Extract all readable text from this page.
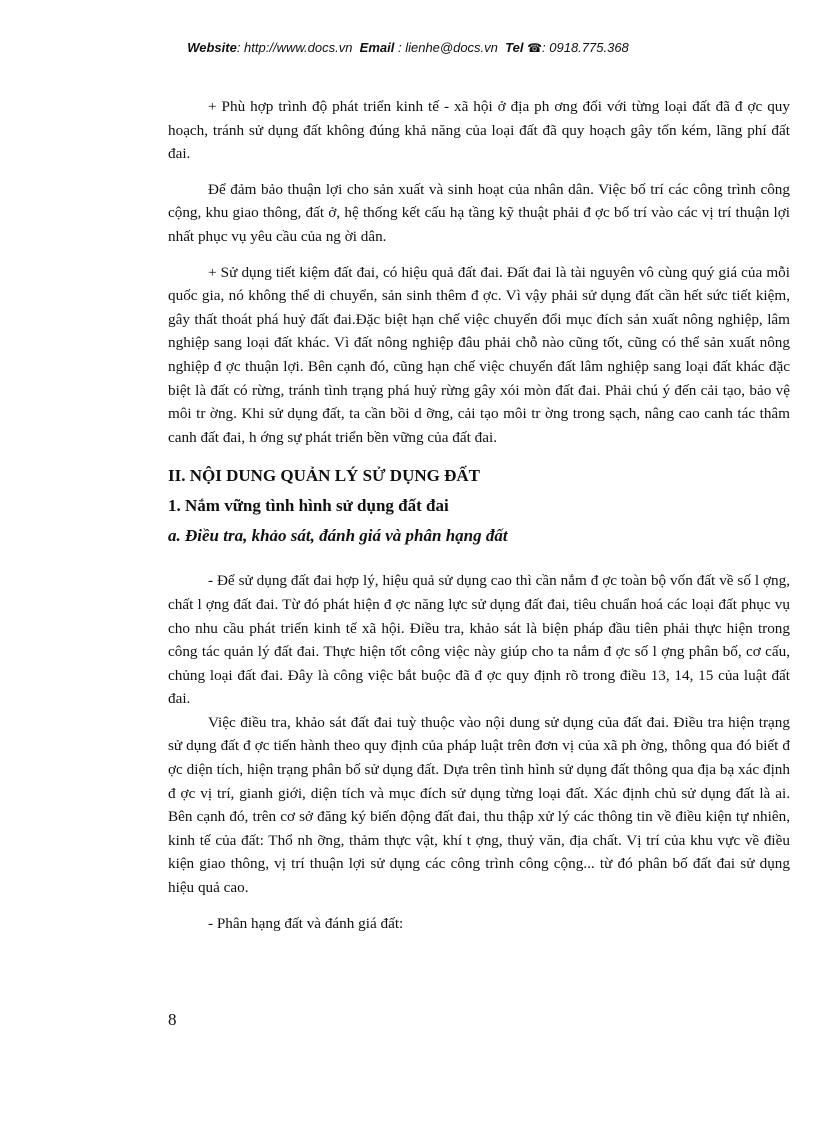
Website: http://www.docs.vn Email : lienhe@docs.vn Tel ☎: 0918.775.368

+ Phù hợp trình độ phát triển kinh tế - xã hội ở địa ph ơng đối với từng loại đất đã đ ợc quy hoạch, tránh sử dụng đất không đúng khả năng của loại đất đã quy hoạch gây tốn kém, lãng phí đất đai.

Để đảm bảo thuận lợi cho sản xuất và sinh hoạt của nhân dân. Việc bố trí các công trình công cộng, khu giao thông, đất ở, hệ thống kết cấu hạ tầng kỹ thuật phải đ ợc bố trí vào các vị trí thuận lợi nhất phục vụ yêu cầu của ng ời dân.

+ Sử dụng tiết kiệm đất đai, có hiệu quả đất đai. Đất đai là tài nguyên vô cùng quý giá của mỗi quốc gia, nó không thể di chuyển, sản sinh thêm đ ợc. Vì vậy phải sử dụng đất cần hết sức tiết kiệm, gây thất thoát phá huỷ đất đai.Đặc biệt hạn chế việc chuyển đổi mục đích sản xuất nông nghiệp, lâm nghiệp sang loại đất khác. Vì đất nông nghiệp đâu phải chỗ nào cũng tốt, cũng có thể sản xuất nông nghiệp đ ợc thuận lợi. Bên cạnh đó, cũng hạn chế việc chuyển đất lâm nghiệp sang loại đất khác đặc biệt là đất có rừng, tránh tình trạng phá huỷ rừng gây xói mòn đất đai. Phải chú ý đến cải tạo, bảo vệ môi tr ờng. Khi sử dụng đất, ta cần bồi d ỡng, cải tạo môi tr ờng trong sạch, nâng cao canh tác thâm canh đất đai, h ớng sự phát triển bền vững của đất đai.

II. NỘI DUNG QUẢN LÝ SỬ DỤNG ĐẤT
1. Nắm vững tình hình sử dụng đất đai
a. Điều tra, khảo sát, đánh giá và phân hạng đất

- Để sử dụng đất đai hợp lý, hiệu quả sử dụng cao thì cần nắm đ ợc toàn bộ vốn đất về số l ợng, chất l ợng đất đai. Từ đó phát hiện đ ợc năng lực sử dụng đất đai, tiêu chuẩn hoá các loại đất phục vụ cho nhu cầu phát triển kinh tế xã hội. Điều tra, khảo sát là biện pháp đầu tiên phải thực hiện trong công tác quản lý đất đai. Thực hiện tốt công việc này giúp cho ta nắm đ ợc số l ợng phân bố, cơ cấu, chủng loại đất đai. Đây là công việc bắt buộc đã đ ợc quy định rõ trong điều 13, 14, 15 của luật đất đai.

Việc điều tra, khảo sát đất đai tuỳ thuộc vào nội dung sử dụng của đất đai. Điều tra hiện trạng sử dụng đất đ ợc tiến hành theo quy định của pháp luật trên đơn vị của xã ph ờng, thông qua đó biết đ ợc diện tích, hiện trạng phân bố sử dụng đất. Dựa trên tình hình sử dụng đất thông qua địa bạ xác định đ ợc vị trí, gianh giới, diện tích và mục đích sử dụng từng loại đất. Xác định chủ sử dụng đất là ai. Bên cạnh đó, trên cơ sở đăng ký biến động đất đai, thu thập xử lý các thông tin về điều kiện tự nhiên, kinh tế của đất: Thổ nh ỡng, thảm thực vật, khí t ợng, thuỷ văn, địa chất. Vị trí của khu vực về điều kiện giao thông, vị trí thuận lợi sử dụng các công trình công cộng... từ đó phân bố đất đai sử dụng hiệu quả cao.

- Phân hạng đất và đánh giá đất:

8
